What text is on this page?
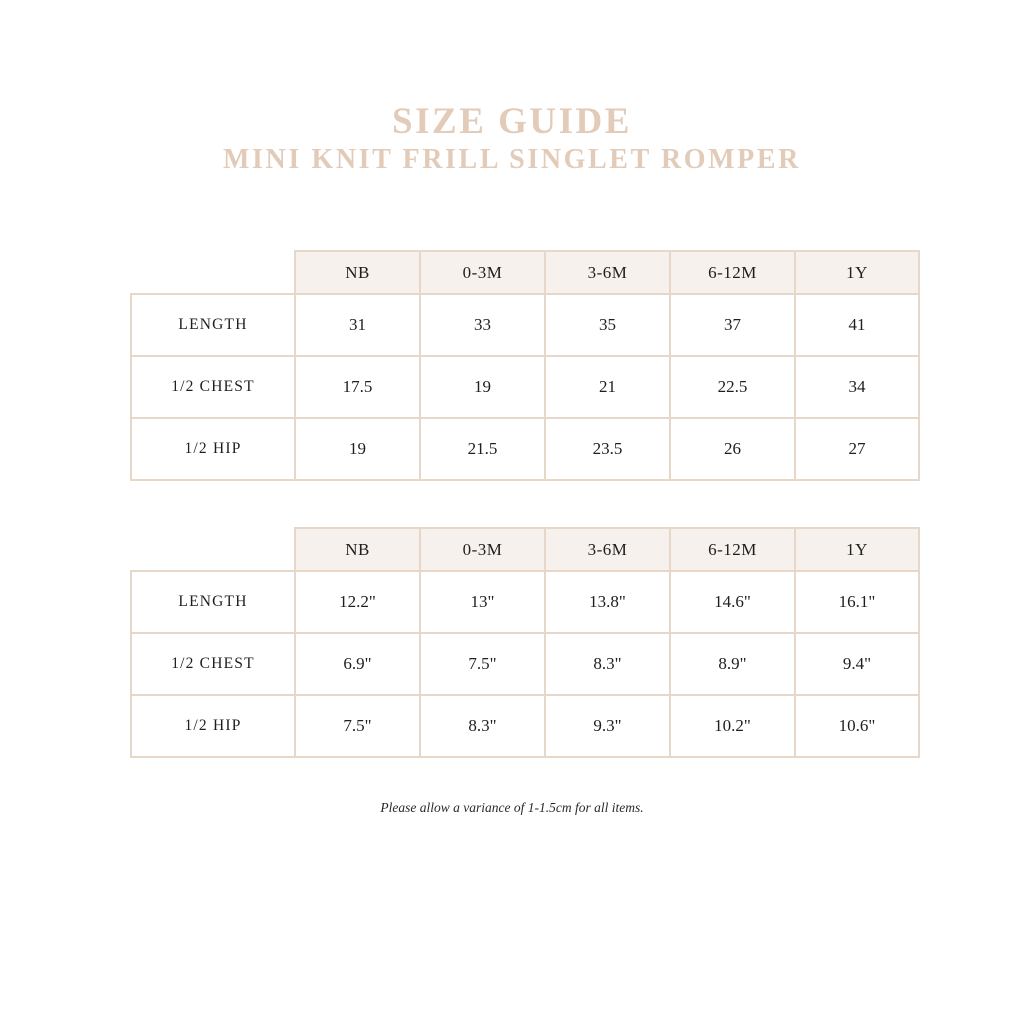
SIZE GUIDE
MINI KNIT FRILL SINGLET ROMPER
	NB	0-3M	3-6M	6-12M	1Y
LENGTH	31	33	35	37	41
1/2 CHEST	17.5	19	21	22.5	34
1/2 HIP	19	21.5	23.5	26	27
	NB	0-3M	3-6M	6-12M	1Y
LENGTH	12.2"	13"	13.8"	14.6"	16.1"
1/2 CHEST	6.9"	7.5"	8.3"	8.9"	9.4"
1/2 HIP	7.5"	8.3"	9.3"	10.2"	10.6"
Please allow a variance of 1-1.5cm for all items.
